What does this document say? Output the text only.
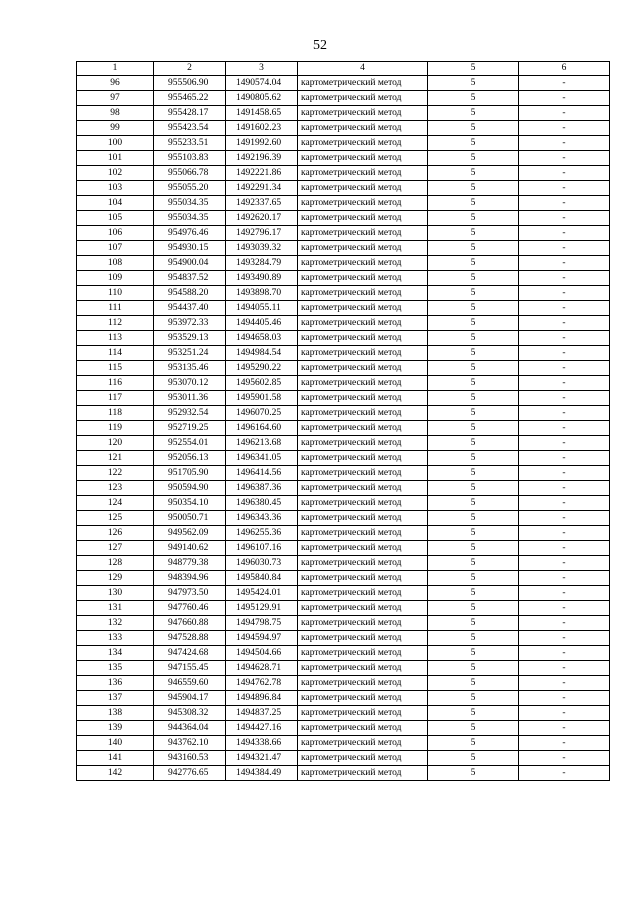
52
1	2	3	4	5	6
96	955506.90	1490574.04	картометрический метод	5	-
97	955465.22	1490805.62	картометрический метод	5	-
98	955428.17	1491458.65	картометрический метод	5	-
99	955423.54	1491602.23	картометрический метод	5	-
100	955233.51	1491992.60	картометрический метод	5	-
101	955103.83	1492196.39	картометрический метод	5	-
102	955066.78	1492221.86	картометрический метод	5	-
103	955055.20	1492291.34	картометрический метод	5	-
104	955034.35	1492337.65	картометрический метод	5	-
105	955034.35	1492620.17	картометрический метод	5	-
106	954976.46	1492796.17	картометрический метод	5	-
107	954930.15	1493039.32	картометрический метод	5	-
108	954900.04	1493284.79	картометрический метод	5	-
109	954837.52	1493490.89	картометрический метод	5	-
110	954588.20	1493898.70	картометрический метод	5	-
111	954437.40	1494055.11	картометрический метод	5	-
112	953972.33	1494405.46	картометрический метод	5	-
113	953529.13	1494658.03	картометрический метод	5	-
114	953251.24	1494984.54	картометрический метод	5	-
115	953135.46	1495290.22	картометрический метод	5	-
116	953070.12	1495602.85	картометрический метод	5	-
117	953011.36	1495901.58	картометрический метод	5	-
118	952932.54	1496070.25	картометрический метод	5	-
119	952719.25	1496164.60	картометрический метод	5	-
120	952554.01	1496213.68	картометрический метод	5	-
121	952056.13	1496341.05	картометрический метод	5	-
122	951705.90	1496414.56	картометрический метод	5	-
123	950594.90	1496387.36	картометрический метод	5	-
124	950354.10	1496380.45	картометрический метод	5	-
125	950050.71	1496343.36	картометрический метод	5	-
126	949562.09	1496255.36	картометрический метод	5	-
127	949140.62	1496107.16	картометрический метод	5	-
128	948779.38	1496030.73	картометрический метод	5	-
129	948394.96	1495840.84	картометрический метод	5	-
130	947973.50	1495424.01	картометрический метод	5	-
131	947760.46	1495129.91	картометрический метод	5	-
132	947660.88	1494798.75	картометрический метод	5	-
133	947528.88	1494594.97	картометрический метод	5	-
134	947424.68	1494504.66	картометрический метод	5	-
135	947155.45	1494628.71	картометрический метод	5	-
136	946559.60	1494762.78	картометрический метод	5	-
137	945904.17	1494896.84	картометрический метод	5	-
138	945308.32	1494837.25	картометрический метод	5	-
139	944364.04	1494427.16	картометрический метод	5	-
140	943762.10	1494338.66	картометрический метод	5	-
141	943160.53	1494321.47	картометрический метод	5	-
142	942776.65	1494384.49	картометрический метод	5	-
